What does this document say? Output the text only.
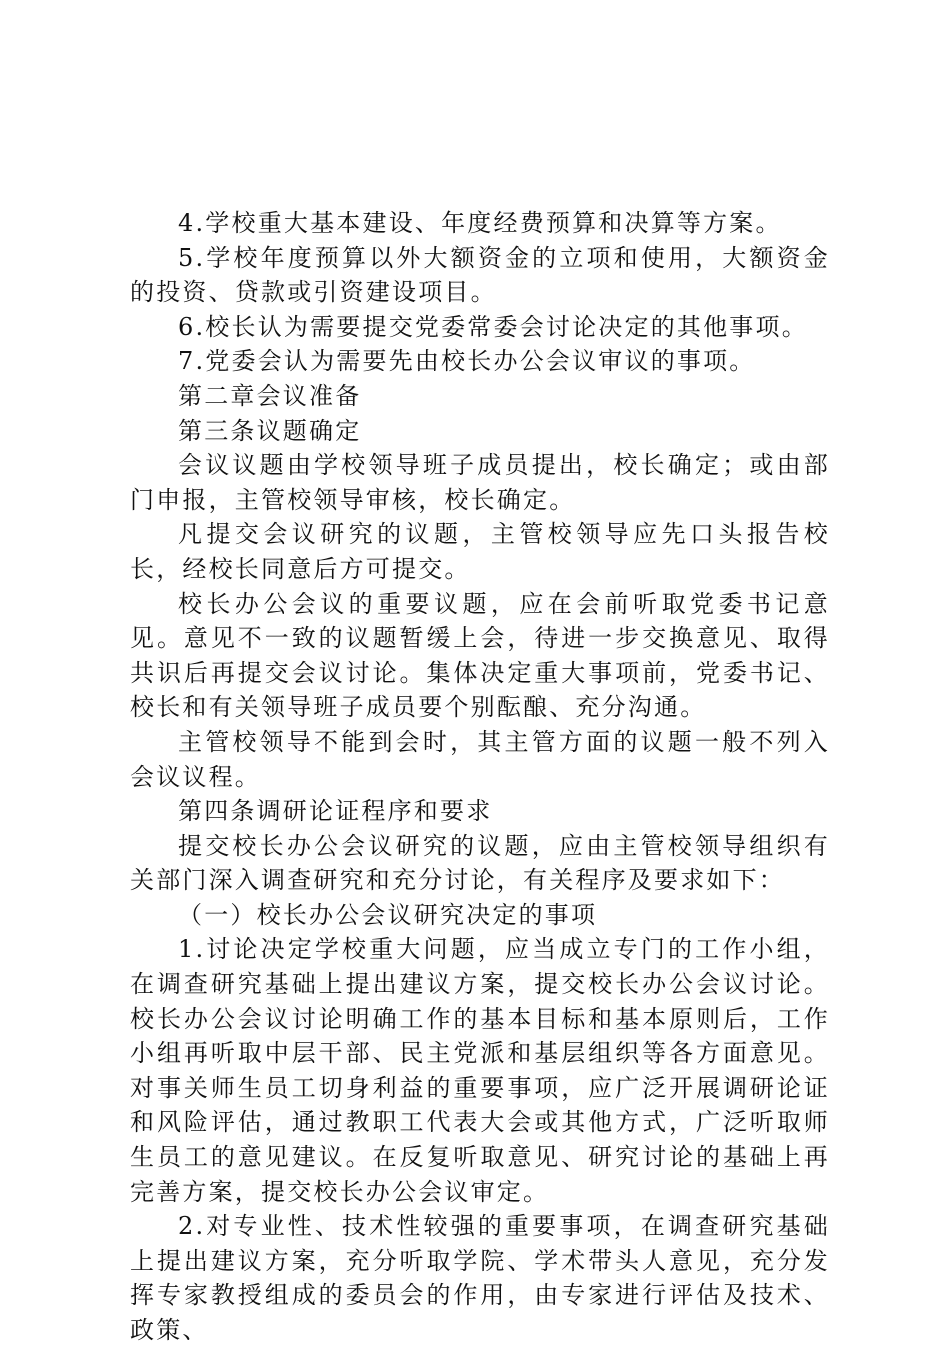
4.学校重大基本建设、年度经费预算和决算等方案。

5.学校年度预算以外大额资金的立项和使用，大额资金的投资、贷款或引资建设项目。

6.校长认为需要提交党委常委会讨论决定的其他事项。

7.党委会认为需要先由校长办公会议审议的事项。

第二章会议准备

第三条议题确定

会议议题由学校领导班子成员提出，校长确定；或由部门申报，主管校领导审核，校长确定。

凡提交会议研究的议题，主管校领导应先口头报告校长，经校长同意后方可提交。

校长办公会议的重要议题，应在会前听取党委书记意见。意见不一致的议题暂缓上会，待进一步交换意见、取得共识后再提交会议讨论。集体决定重大事项前，党委书记、校长和有关领导班子成员要个别酝酿、充分沟通。

主管校领导不能到会时，其主管方面的议题一般不列入会议议程。

第四条调研论证程序和要求

提交校长办公会议研究的议题，应由主管校领导组织有关部门深入调查研究和充分讨论，有关程序及要求如下：

（一）校长办公会议研究决定的事项

1.讨论决定学校重大问题，应当成立专门的工作小组，在调查研究基础上提出建议方案，提交校长办公会议讨论。校长办公会议讨论明确工作的基本目标和基本原则后，工作小组再听取中层干部、民主党派和基层组织等各方面意见。对事关师生员工切身利益的重要事项，应广泛开展调研论证和风险评估，通过教职工代表大会或其他方式，广泛听取师生员工的意见建议。在反复听取意见、研究讨论的基础上再完善方案，提交校长办公会议审定。

2.对专业性、技术性较强的重要事项，在调查研究基础上提出建议方案，充分听取学院、学术带头人意见，充分发挥专家教授组成的委员会的作用，由专家进行评估及技术、政策、
